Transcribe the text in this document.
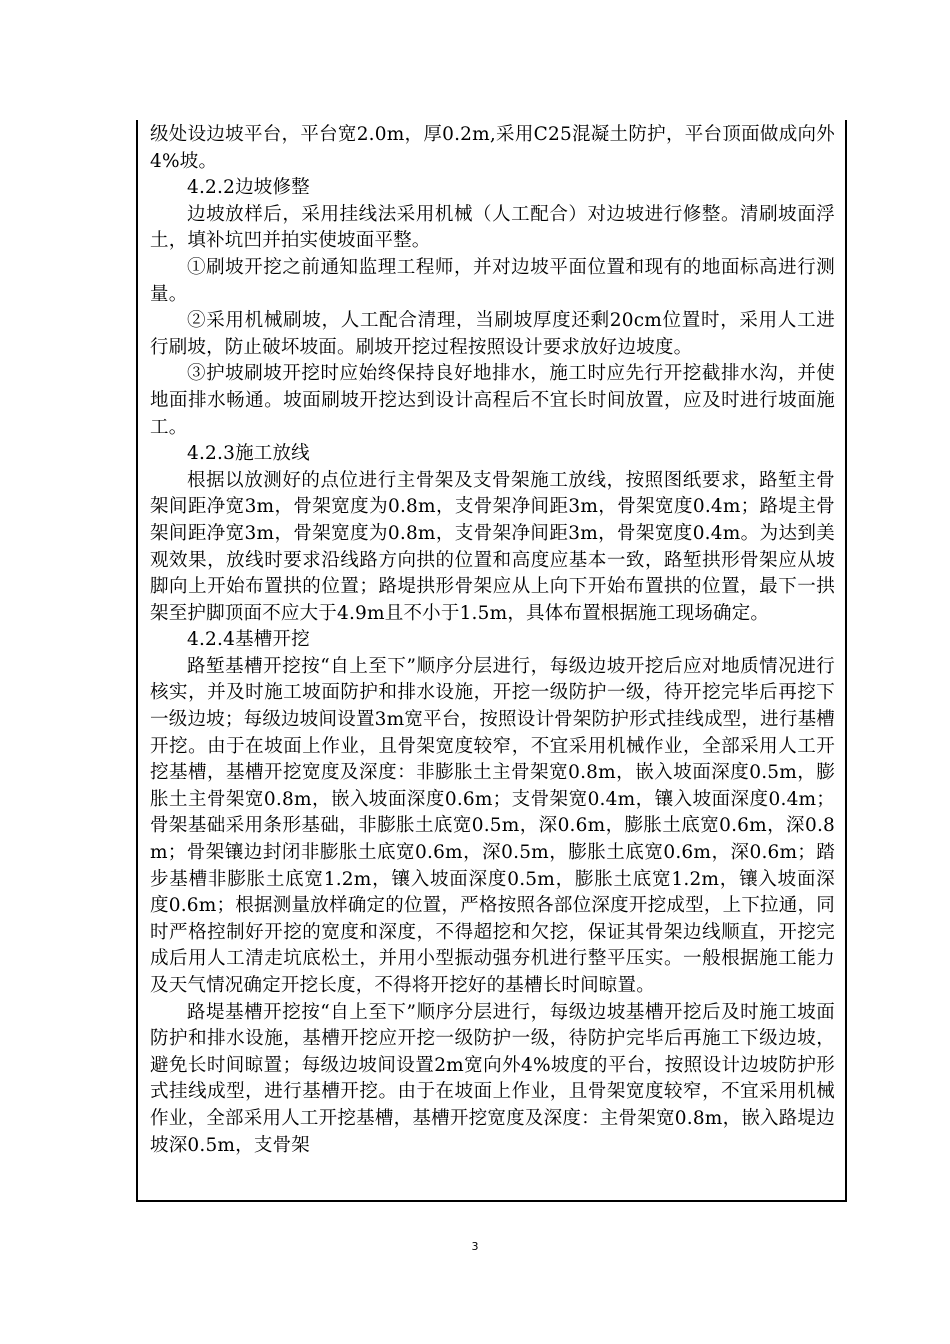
级处设边坡平台，平台宽2.0m，厚0.2m,采用C25混凝土防护，平台顶面做成向外4%坡。

4.2.2边坡修整

边坡放样后，采用挂线法采用机械（人工配合）对边坡进行修整。清刷坡面浮土，填补坑凹并拍实使坡面平整。

①刷坡开挖之前通知监理工程师，并对边坡平面位置和现有的地面标高进行测量。

②采用机械刷坡，人工配合清理，当刷坡厚度还剩20cm位置时，采用人工进行刷坡，防止破坏坡面。刷坡开挖过程按照设计要求放好边坡度。

③护坡刷坡开挖时应始终保持良好地排水，施工时应先行开挖截排水沟，并使地面排水畅通。坡面刷坡开挖达到设计高程后不宜长时间放置，应及时进行坡面施工。

4.2.3施工放线

根据以放测好的点位进行主骨架及支骨架施工放线，按照图纸要求，路堑主骨架间距净宽3m，骨架宽度为0.8m，支骨架净间距3m，骨架宽度0.4m；路堤主骨架间距净宽3m，骨架宽度为0.8m，支骨架净间距3m，骨架宽度0.4m。为达到美观效果，放线时要求沿线路方向拱的位置和高度应基本一致，路堑拱形骨架应从坡脚向上开始布置拱的位置；路堤拱形骨架应从上向下开始布置拱的位置，最下一拱架至护脚顶面不应大于4.9m且不小于1.5m，具体布置根据施工现场确定。

4.2.4基槽开挖

路堑基槽开挖按“自上至下”顺序分层进行，每级边坡开挖后应对地质情况进行核实，并及时施工坡面防护和排水设施，开挖一级防护一级，待开挖完毕后再挖下一级边坡；每级边坡间设置3m宽平台，按照设计骨架防护形式挂线成型，进行基槽开挖。由于在坡面上作业，且骨架宽度较窄，不宜采用机械作业，全部采用人工开挖基槽，基槽开挖宽度及深度：非膨胀土主骨架宽0.8m，嵌入坡面深度0.5m，膨胀土主骨架宽0.8m，嵌入坡面深度0.6m；支骨架宽0.4m，镶入坡面深度0.4m；骨架基础采用条形基础，非膨胀土底宽0.5m，深0.6m，膨胀土底宽0.6m，深0.8m；骨架镶边封闭非膨胀土底宽0.6m，深0.5m，膨胀土底宽0.6m，深0.6m；踏步基槽非膨胀土底宽1.2m，镶入坡面深度0.5m，膨胀土底宽1.2m，镶入坡面深度0.6m；根据测量放样确定的位置，严格按照各部位深度开挖成型，上下拉通，同时严格控制好开挖的宽度和深度，不得超挖和欠挖，保证其骨架边线顺直，开挖完成后用人工清走坑底松土，并用小型振动强夯机进行整平压实。一般根据施工能力及天气情况确定开挖长度，不得将开挖好的基槽长时间晾置。

路堤基槽开挖按“自上至下”顺序分层进行，每级边坡基槽开挖后及时施工坡面防护和排水设施，基槽开挖应开挖一级防护一级，待防护完毕后再施工下级边坡，避免长时间晾置；每级边坡间设置2m宽向外4%坡度的平台，按照设计边坡防护形式挂线成型，进行基槽开挖。由于在坡面上作业，且骨架宽度较窄，不宜采用机械作业，全部采用人工开挖基槽，基槽开挖宽度及深度：主骨架宽0.8m，嵌入路堤边坡深0.5m，支骨架

3
